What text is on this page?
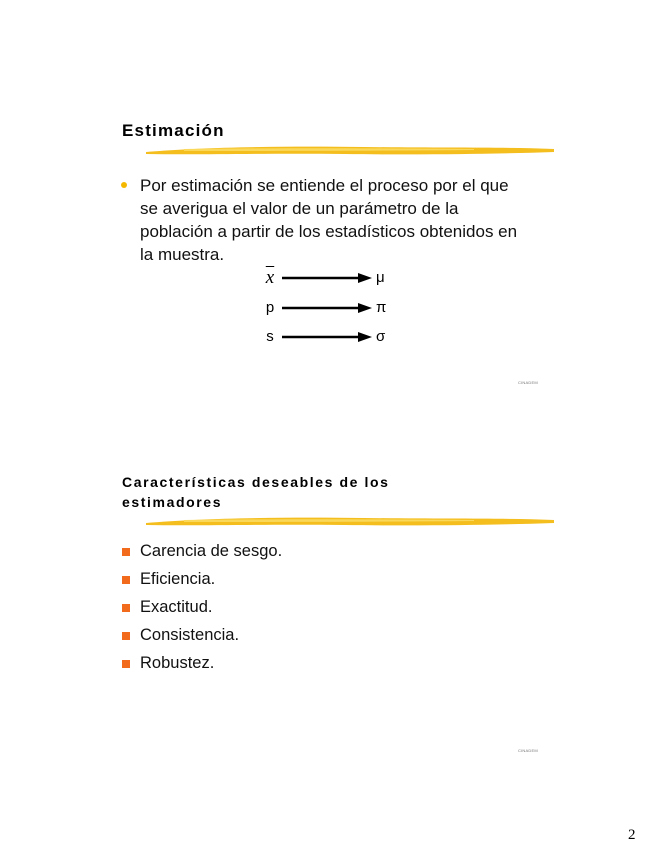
Estimación
Por estimación se entiende el proceso por el que se averigua el valor de un parámetro de la población a partir de los estadísticos obtenidos en la muestra.
$\overline{x}$	μ
p	π
s	σ
CINADEM
Características deseables de los estimadores
Carencia de sesgo.
Eficiencia.
Exactitud.
Consistencia.
Robustez.
CINADEM
2
